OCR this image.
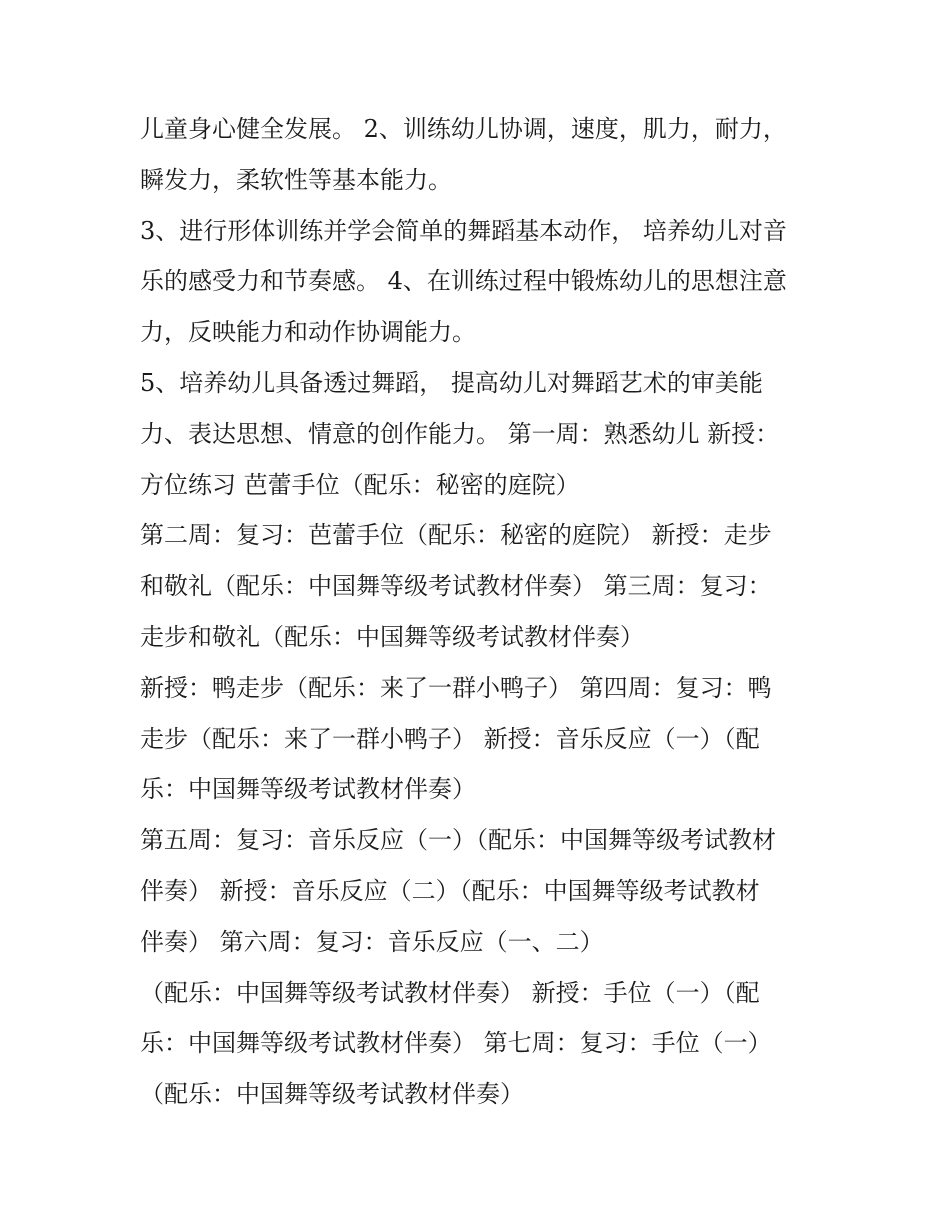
儿童身心健全发展。 2、训练幼儿协调，速度，肌力，耐力，
瞬发力，柔软性等基本能力。
3、进行形体训练并学会简单的舞蹈基本动作， 培养幼儿对音
乐的感受力和节奏感。 4、在训练过程中锻炼幼儿的思想注意
力，反映能力和动作协调能力。
5、培养幼儿具备透过舞蹈， 提高幼儿对舞蹈艺术的审美能
力、表达思想、情意的创作能力。 第一周：熟悉幼儿 新授：
方位练习 芭蕾手位（配乐：秘密的庭院）
第二周：复习：芭蕾手位（配乐：秘密的庭院） 新授：走步
和敬礼（配乐：中国舞等级考试教材伴奏） 第三周：复习：
走步和敬礼（配乐：中国舞等级考试教材伴奏）
新授：鸭走步（配乐：来了一群小鸭子） 第四周：复习：鸭
走步（配乐：来了一群小鸭子） 新授：音乐反应（一）（配
乐：中国舞等级考试教材伴奏）
第五周：复习：音乐反应（一）（配乐：中国舞等级考试教材
伴奏） 新授：音乐反应（二）（配乐：中国舞等级考试教材
伴奏） 第六周：复习：音乐反应（一、二）
（配乐：中国舞等级考试教材伴奏） 新授：手位（一）（配
乐：中国舞等级考试教材伴奏） 第七周：复习：手位（一）
（配乐：中国舞等级考试教材伴奏）
